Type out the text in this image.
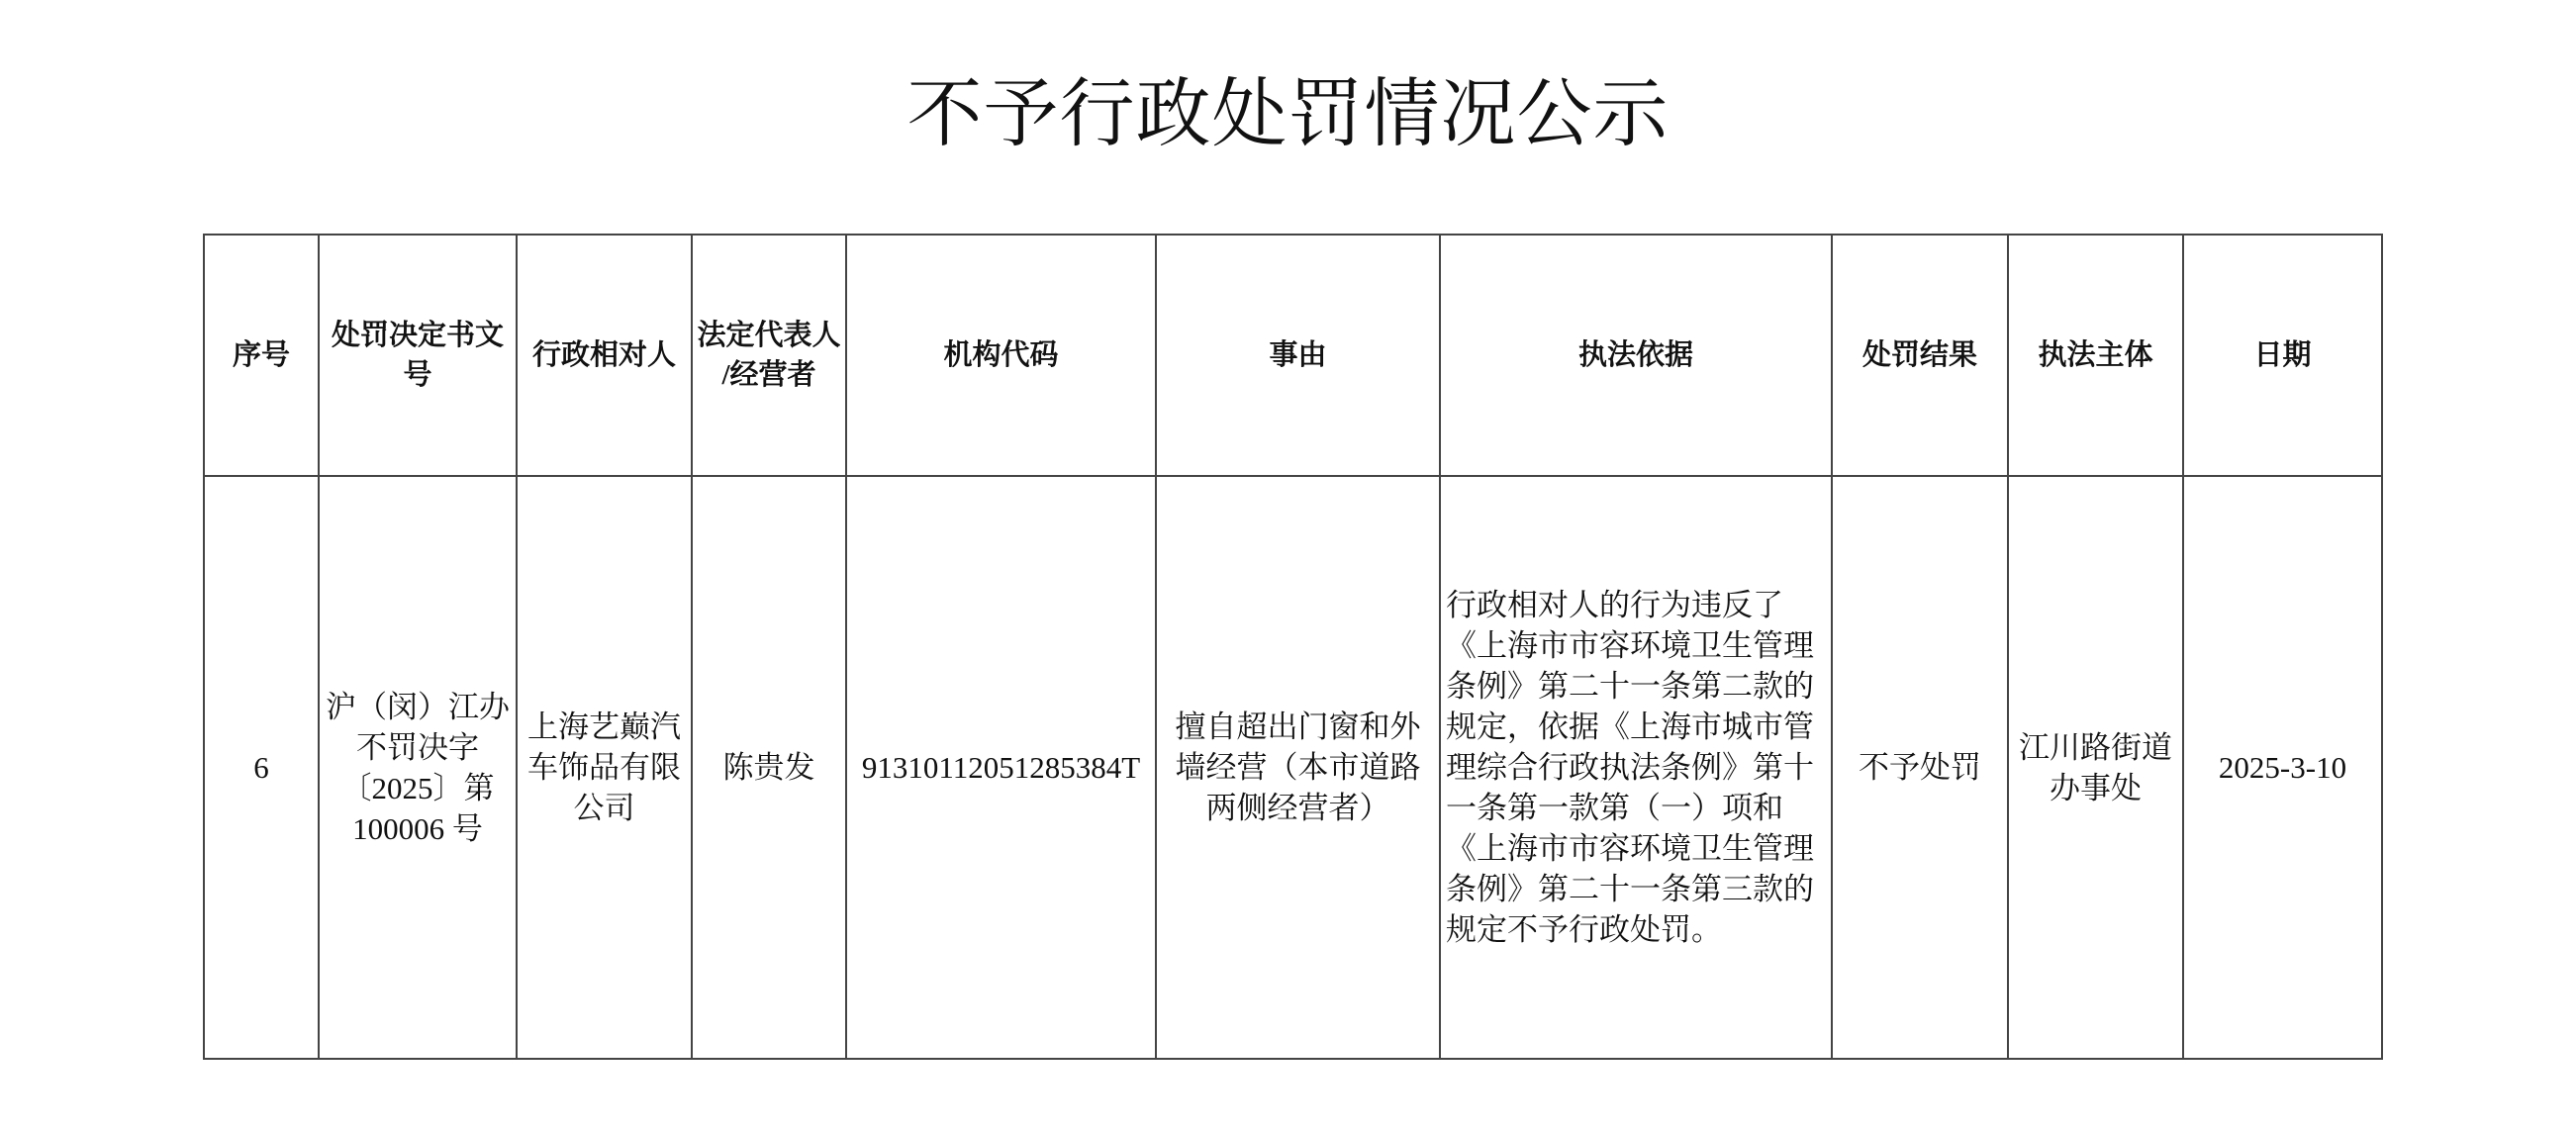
不予行政处罚情况公示
序号	处罚决定书文号	行政相对人	法定代表人/经营者	机构代码	事由	执法依据	处罚结果	执法主体	日期
6	沪（闵）江办不罚决字〔2025〕第100006 号	上海艺巅汽车饰品有限公司	陈贵发	91310112051285384T	擅自超出门窗和外墙经营（本市道路两侧经营者）	行政相对人的行为违反了《上海市市容环境卫生管理条例》第二十一条第二款的规定，依据《上海市城市管理综合行政执法条例》第十一条第一款第（一）项和《上海市市容环境卫生管理条例》第二十一条第三款的规定不予行政处罚。	不予处罚	江川路街道办事处	2025-3-10
